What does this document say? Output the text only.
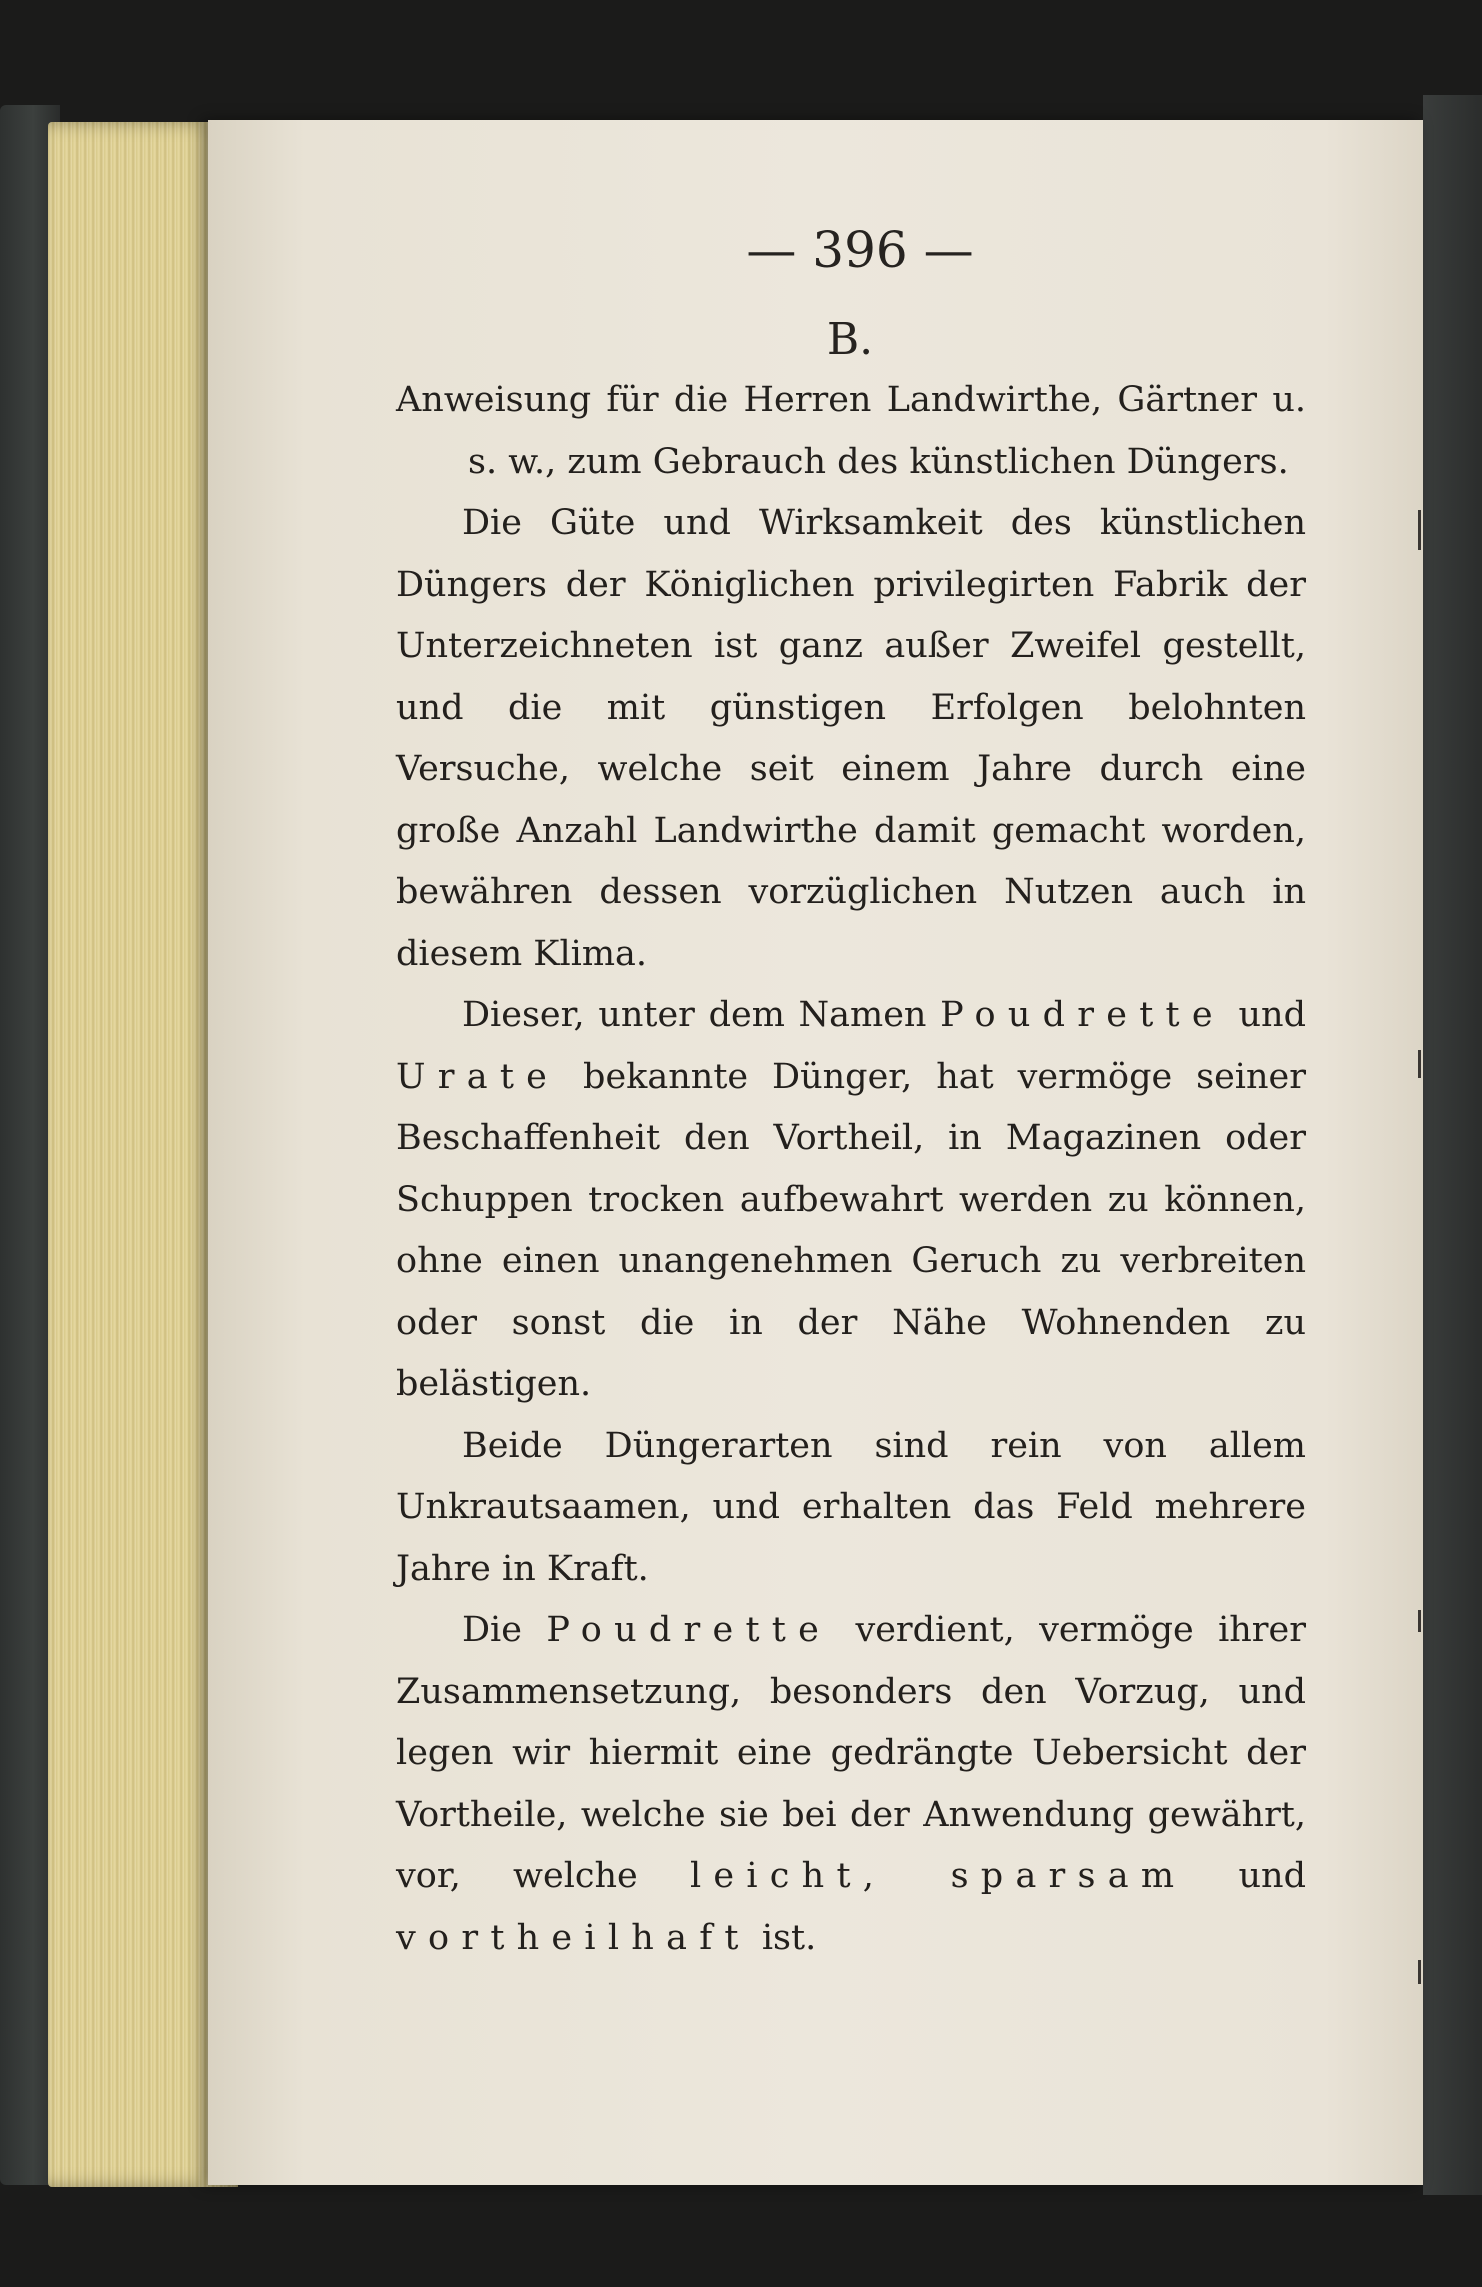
— 396 —
B.

Anweisung für die Herren Landwirthe, Gärtner u. s. w., zum Gebrauch des künstlichen Düngers.

Die Güte und Wirksamkeit des künstlichen Düngers der Königlichen privilegirten Fabrik der Unterzeichneten ist ganz außer Zweifel gestellt, und die mit günstigen Erfolgen belohnten Versuche, welche seit einem Jahre durch eine große Anzahl Landwirthe damit gemacht worden, bewähren dessen vorzüglichen Nutzen auch in diesem Klima.

Dieser, unter dem Namen Poudrette und Urate bekannte Dünger, hat vermöge seiner Beschaffenheit den Vortheil, in Magazinen oder Schuppen trocken aufbewahrt werden zu können, ohne einen unangenehmen Geruch zu verbreiten oder sonst die in der Nähe Wohnenden zu belästigen.

Beide Düngerarten sind rein von allem Unkrautsaamen, und erhalten das Feld mehrere Jahre in Kraft.

Die Poudrette verdient, vermöge ihrer Zusammensetzung, besonders den Vorzug, und legen wir hiermit eine gedrängte Uebersicht der Vortheile, welche sie bei der Anwendung gewährt, vor, welche leicht, sparsam und vortheilhaft ist.
